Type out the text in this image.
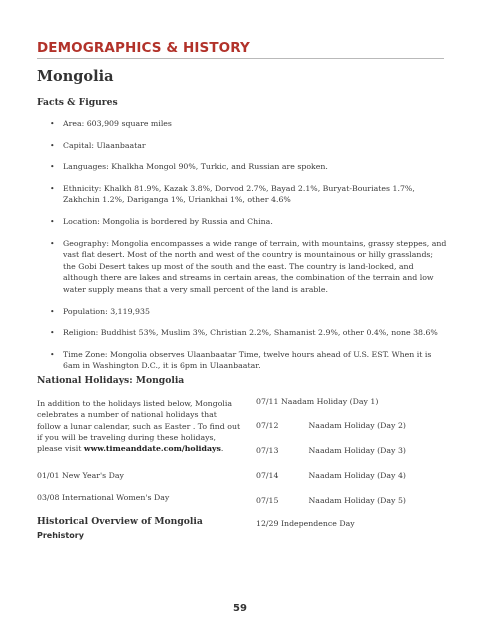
DEMOGRAPHICS & HISTORY
Mongolia
Facts & Figures
• Area: 603,909 square miles
• Capital: Ulaanbaatar
• Languages: Khalkha Mongol 90%, Turkic, and Russian are spoken.
• Ethnicity: Khalkh 81.9%, Kazak 3.8%, Dorvod 2.7%, Bayad 2.1%, Buryat-Bouriates 1.7%, Zakhchin 1.2%, Dariganga 1%, Uriankhai 1%, other 4.6%
• Location: Mongolia is bordered by Russia and China.
• Geography: Mongolia encompasses a wide range of terrain, with mountains, grassy steppes, and vast flat desert. Most of the north and west of the country is mountainous or hilly grasslands; the Gobi Desert takes up most of the south and the east. The country is land-locked, and although there are lakes and streams in certain areas, the combination of the terrain and low water supply means that a very small percent of the land is arable.
• Population: 3,119,935
• Religion: Buddhist 53%, Muslim 3%, Christian 2.2%, Shamanist 2.9%, other 0.4%, none 38.6%
• Time Zone: Mongolia observes Ulaanbaatar Time, twelve hours ahead of U.S. EST. When it is 6am in Washington D.C., it is 6pm in Ulaanbaatar.
National Holidays: Mongolia
In addition to the holidays listed below, Mongolia celebrates a number of national holidays that follow a lunar calendar, such as Easter . To find out if you will be traveling during these holidays, please visit www.timeanddate.com/holidays.
01/01 New Year's Day
03/08 International Women's Day
07/11 Naadam Holiday (Day 1)
07/12	Naadam Holiday (Day 2)
07/13	Naadam Holiday (Day 3)
07/14	Naadam Holiday (Day 4)
07/15	Naadam Holiday (Day 5)
12/29 Independence Day
Historical Overview of Mongolia
Prehistory
59
